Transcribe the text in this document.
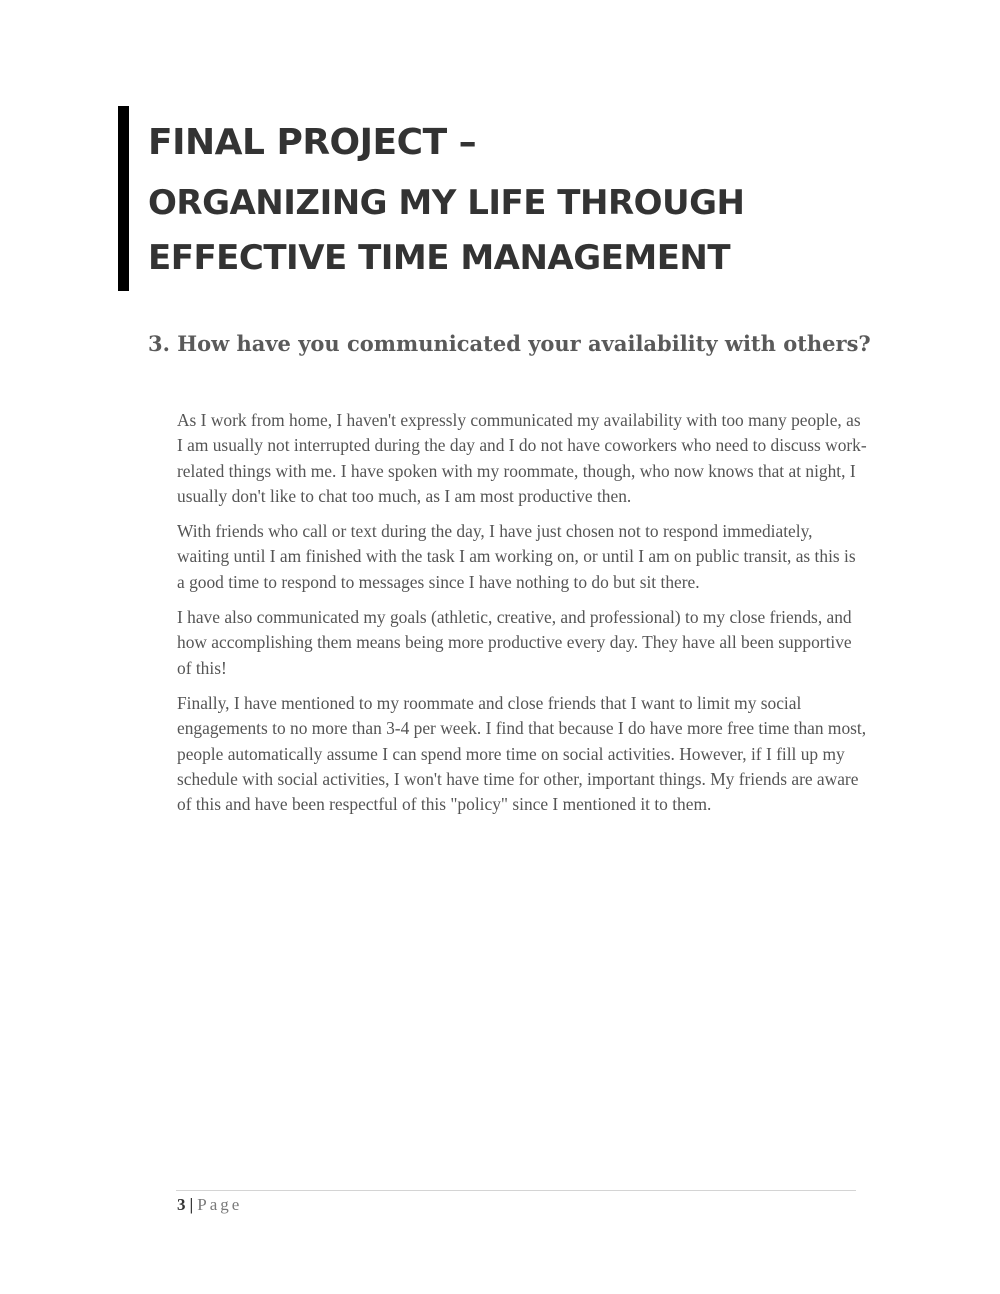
FINAL PROJECT –
ORGANIZING MY LIFE THROUGH
EFFECTIVE TIME MANAGEMENT
3. How have you communicated your availability with others?

As I work from home, I haven't expressly communicated my availability with too many people, as I am usually not interrupted during the day and I do not have coworkers who need to discuss work-related things with me. I have spoken with my roommate, though, who now knows that at night, I usually don't like to chat too much, as I am most productive then.

With friends who call or text during the day, I have just chosen not to respond immediately, waiting until I am finished with the task I am working on, or until I am on public transit, as this is a good time to respond to messages since I have nothing to do but sit there.

I have also communicated my goals (athletic, creative, and professional) to my close friends, and how accomplishing them means being more productive every day. They have all been supportive of this!

Finally, I have mentioned to my roommate and close friends that I want to limit my social engagements to no more than 3-4 per week. I find that because I do have more free time than most, people automatically assume I can spend more time on social activities. However, if I fill up my schedule with social activities, I won't have time for other, important things. My friends are aware of this and have been respectful of this "policy" since I mentioned it to them.

3 | Page
